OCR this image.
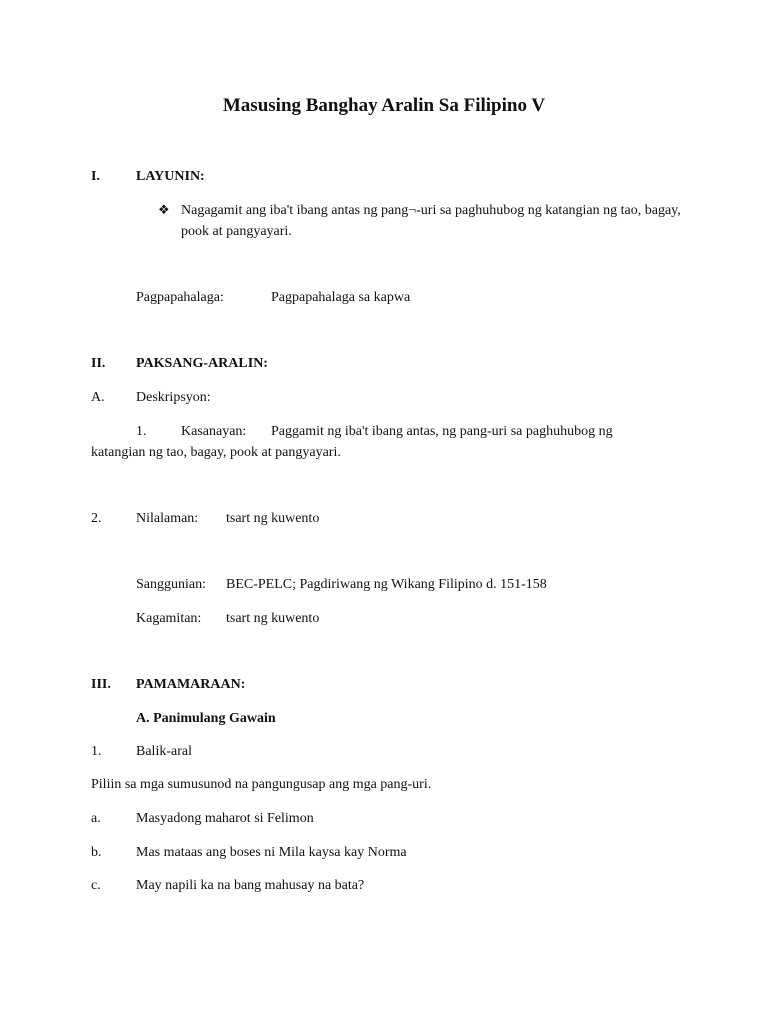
Masusing Banghay Aralin Sa Filipino V
I.	LAYUNIN:
❖ Nagagamit ang iba't ibang antas ng pang¬-uri sa paghuhubog ng katangian ng tao, bagay, pook at pangyayari.
Pagpapahalaga:	Pagpapahalaga sa kapwa
II. PAKSANG-ARALIN:
A. Deskripsyon:
1. Kasanayan: Paggamit ng iba't ibang antas, ng pang-uri sa paghuhubog ng
katangian ng tao, bagay, pook at pangyayari.
2. Nilalaman: tsart ng kuwento
Sanggunian: BEC-PELC; Pagdiriwang ng Wikang Filipino d. 151-158
Kagamitan: tsart ng kuwento
III. PAMAMARAAN:
A. Panimulang Gawain
1. Balik-aral
Piliin sa mga sumusunod na pangungusap ang mga pang-uri.
a.	Masyadong maharot si Felimon
b. Mas mataas ang boses ni Mila kaysa kay Norma
c.	May napili ka na bang mahusay na bata?
